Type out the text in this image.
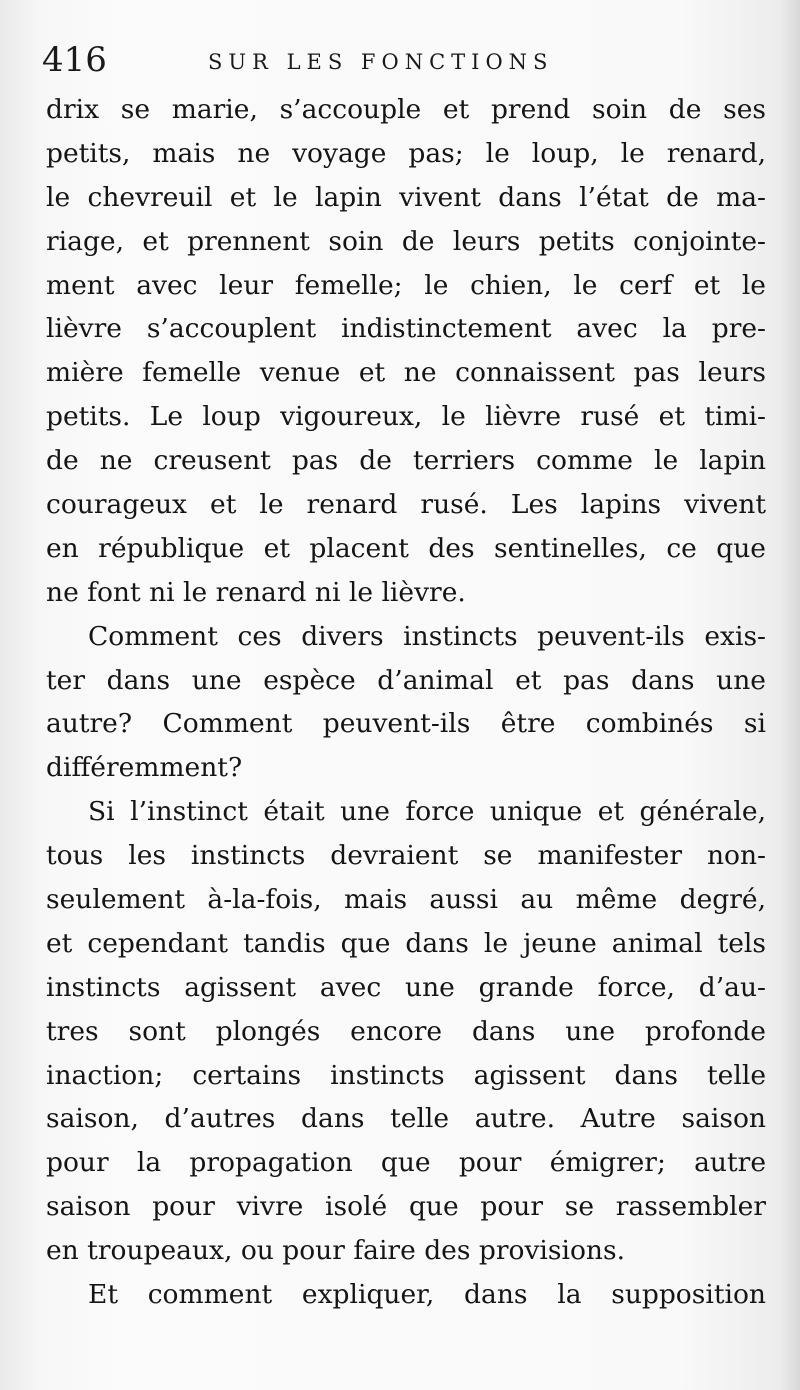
416	SUR LES FONCTIONS
drix se marie, s’accouple et prend soin de ses
petits, mais ne voyage pas; le loup, le renard,
le chevreuil et le lapin vivent dans l’état de ma-
riage, et prennent soin de leurs petits conjointe-
ment avec leur femelle; le chien, le cerf et le
lièvre s’accouplent indistinctement avec la pre-
mière femelle venue et ne connaissent pas leurs
petits. Le loup vigoureux, le lièvre rusé et timi-
de ne creusent pas de terriers comme le lapin
courageux et le renard rusé. Les lapins vivent
en république et placent des sentinelles, ce que
ne font ni le renard ni le lièvre.
Comment ces divers instincts peuvent-ils exis-
ter dans une espèce d’animal et pas dans une
autre? Comment peuvent-ils être combinés si
différemment?
Si l’instinct était une force unique et générale,
tous les instincts devraient se manifester non-
seulement à-la-fois, mais aussi au même degré,
et cependant tandis que dans le jeune animal tels
instincts agissent avec une grande force, d’au-
tres sont plongés encore dans une profonde
inaction; certains instincts agissent dans telle
saison, d’autres dans telle autre. Autre saison
pour la propagation que pour émigrer; autre
saison pour vivre isolé que pour se rassembler
en troupeaux, ou pour faire des provisions.
Et comment expliquer, dans la supposition
